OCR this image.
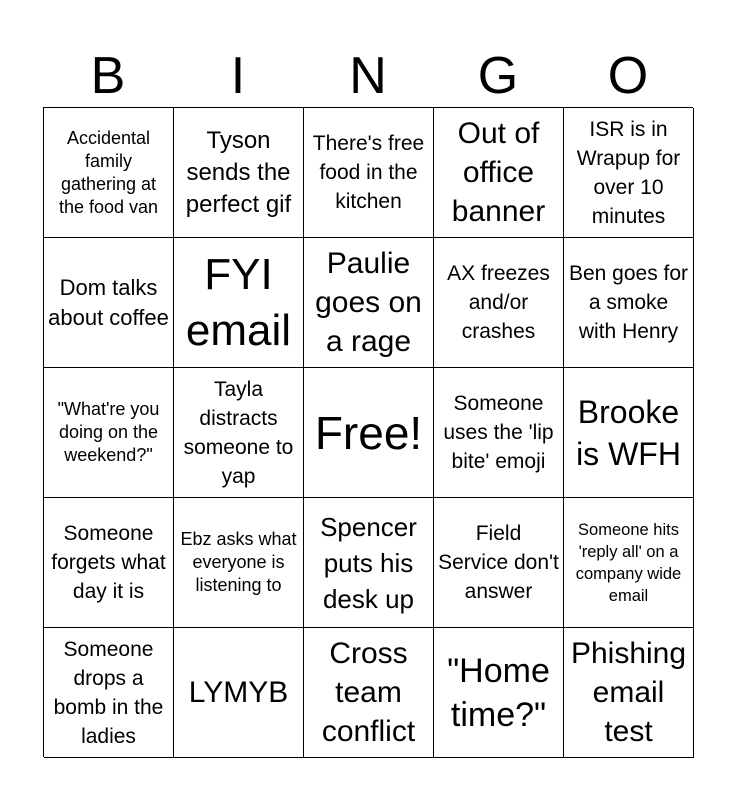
B	I	N	G	O
Accidental family gathering at the food van
Tyson sends the perfect gif
There's free food in the kitchen
Out of office banner
ISR is in Wrapup for over 10 minutes
Dom talks about coffee
FYI email
Paulie goes on a rage
AX freezes and/or crashes
Ben goes for a smoke with Henry
"What're you doing on the weekend?"
Tayla distracts someone to yap
Free!
Someone uses the 'lip bite' emoji
Brooke is WFH
Someone forgets what day it is
Ebz asks what everyone is listening to
Spencer puts his desk up
Field Service don't answer
Someone hits 'reply all' on a company wide email
Someone drops a bomb in the ladies
LYMYB
Cross team conflict
"Home time?"
Phishing email test
